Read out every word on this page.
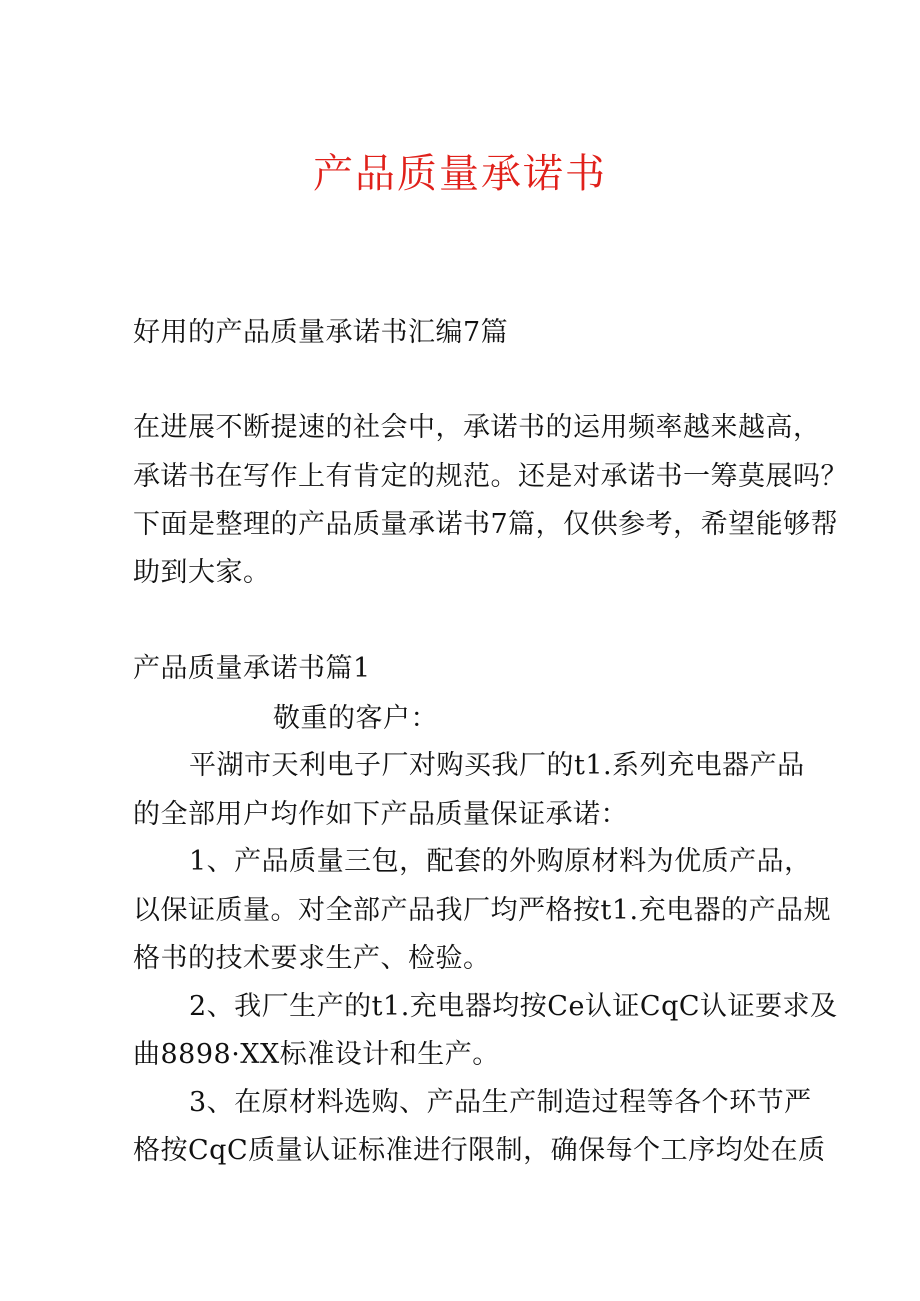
产品质量承诺书
好用的产品质量承诺书汇编7篇
在进展不断提速的社会中，承诺书的运用频率越来越高，
承诺书在写作上有肯定的规范。还是对承诺书一筹莫展吗？
下面是整理的产品质量承诺书7篇，仅供参考，希望能够帮
助到大家。
产品质量承诺书篇1
敬重的客户：
平湖市天利电子厂对购买我厂的t1.系列充电器产品
的全部用户均作如下产品质量保证承诺：
1、产品质量三包，配套的外购原材料为优质产品，
以保证质量。对全部产品我厂均严格按t1.充电器的产品规
格书的技术要求生产、检验。
2、我厂生产的t1.充电器均按Ce认证CqC认证要求及
曲8898·XX标准设计和生产。
3、在原材料选购、产品生产制造过程等各个环节严
格按CqC质量认证标准进行限制，确保每个工序均处在质
